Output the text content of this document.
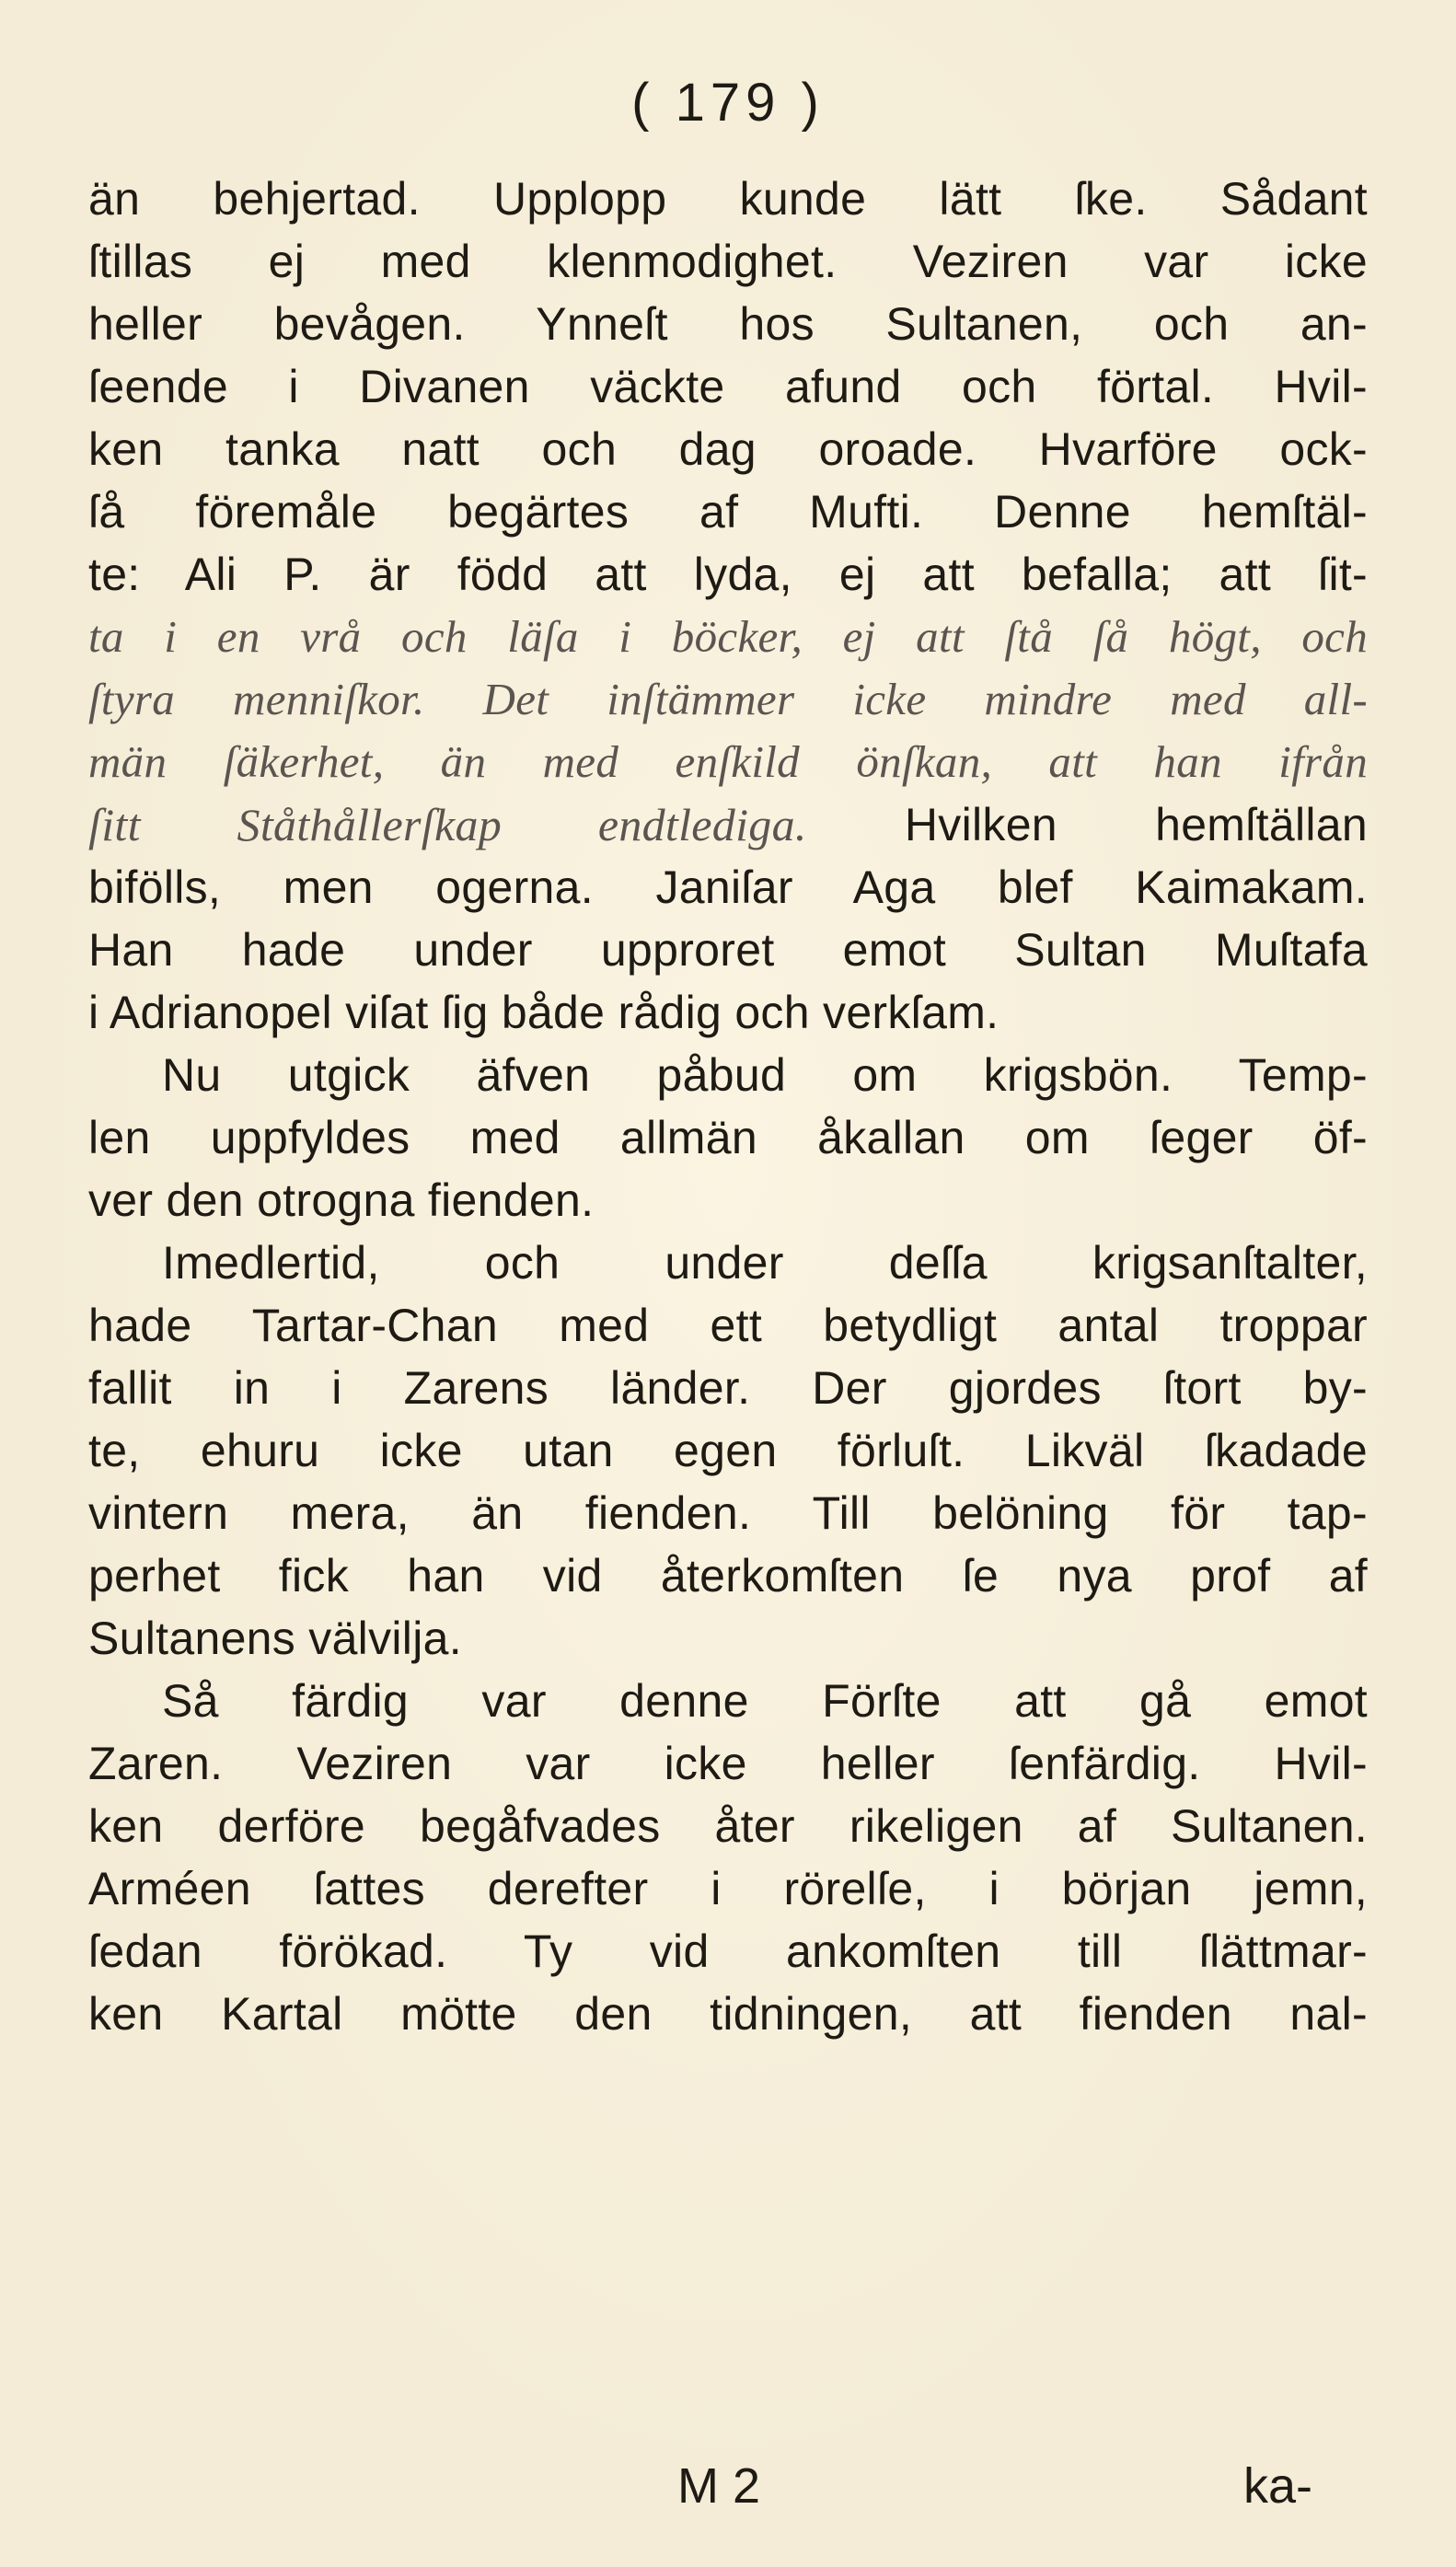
( 179 )
än behjertad. Upplopp kunde lätt ſke. Sådant
ſtillas ej med klenmodighet. Veziren var icke
heller bevågen. Ynneſt hos Sultanen, och an-
ſeende i Divanen väckte afund och förtal. Hvil-
ken tanka natt och dag oroade. Hvarföre ock-
ſå föremåle begärtes af Mufti. Denne hemſtäl-
te: Ali P. är född att lyda, ej att befalla; att ſit-
ta i en vrå och läſa i böcker, ej att ſtå ſå högt, och
ſtyra menniſkor. Det inſtämmer icke mindre med all-
män ſäkerhet, än med enſkild önſkan, att han ifrån
ſitt Ståthållerſkap endtlediga. Hvilken hemſtällan
bifölls, men ogerna. Janiſar Aga blef Kaimakam.
Han hade under upproret emot Sultan Muſtafa
i Adrianopel viſat ſig både rådig och verkſam.
Nu utgick äfven påbud om krigsbön. Temp-
len uppfyldes med allmän åkallan om ſeger öf-
ver den otrogna fienden.
Imedlertid, och under deſſa krigsanſtalter,
hade Tartar-Chan med ett betydligt antal troppar
fallit in i Zarens länder. Der gjordes ſtort by-
te, ehuru icke utan egen förluſt. Likväl ſkadade
vintern mera, än fienden. Till belöning för tap-
perhet fick han vid återkomſten ſe nya prof af
Sultanens välvilja.
Så färdig var denne Förſte att gå emot
Zaren. Veziren var icke heller ſenfärdig. Hvil-
ken derföre begåfvades åter rikeligen af Sultanen.
Arméen ſattes derefter i rörelſe, i början jemn,
ſedan förökad. Ty vid ankomſten till ſlättmar-
ken Kartal mötte den tidningen, att fienden nal-
M 2	ka-
